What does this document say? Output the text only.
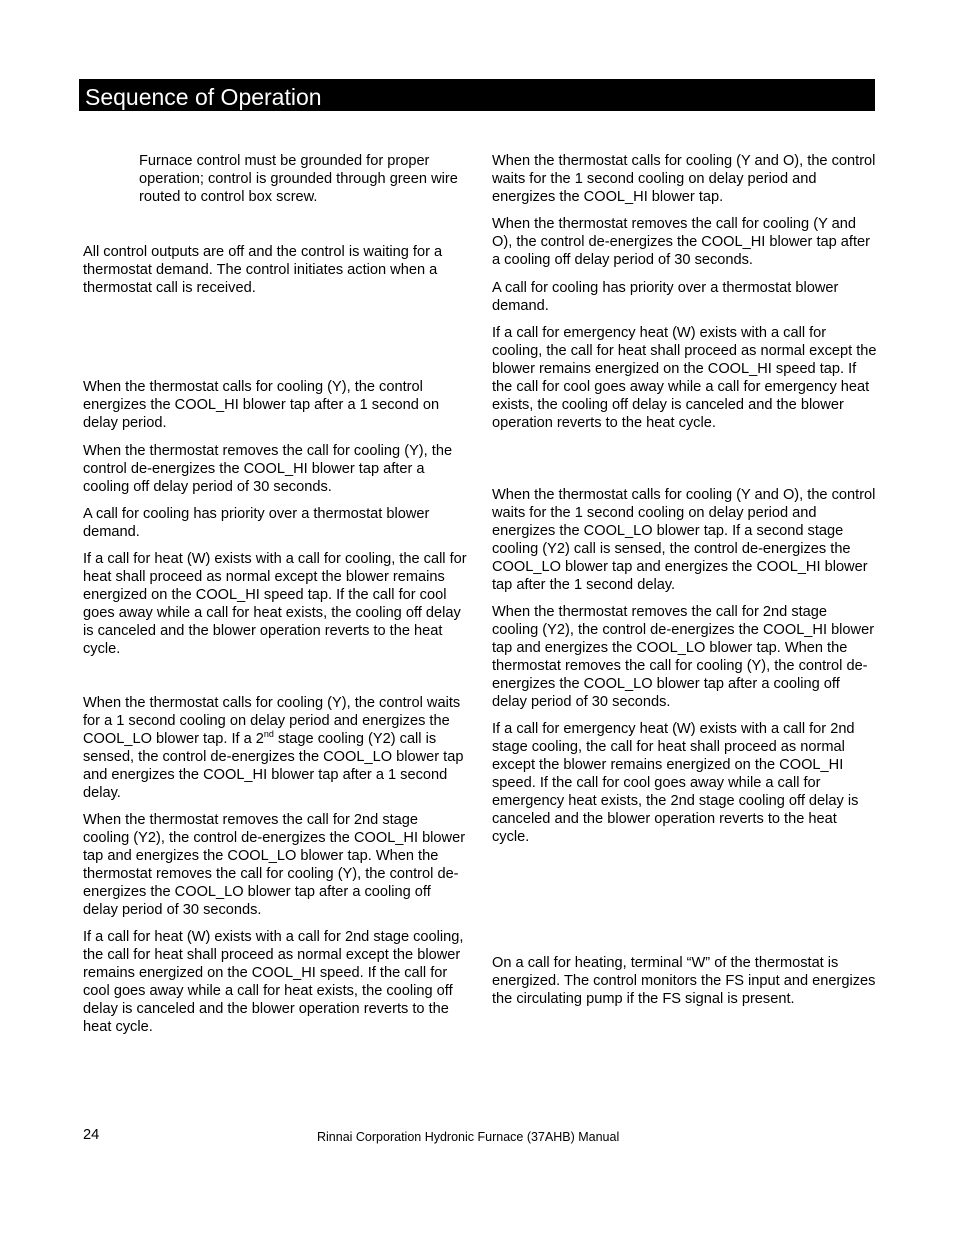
Sequence of Operation

Furnace control must be grounded for proper operation; control is grounded through green wire routed to control box screw.

All control outputs are off and the control is waiting for a thermostat demand. The control initiates action when a thermostat call is received.

When the thermostat calls for cooling (Y), the control energizes the COOL_HI blower tap after a 1 second on delay period.

When the thermostat removes the call for cooling (Y), the control de-energizes the COOL_HI blower tap after a cooling off delay period of 30 seconds.

A call for cooling has priority over a thermostat blower demand.

If a call for heat (W) exists with a call for cooling, the call for heat shall proceed as normal except the blower remains energized on the COOL_HI speed tap. If the call for cool goes away while a call for heat exists, the cooling off delay is canceled and the blower operation reverts to the heat cycle.

When the thermostat calls for cooling (Y), the control waits for a 1 second cooling on delay period and energizes the COOL_LO blower tap. If a 2nd stage cooling (Y2) call is sensed, the control de-energizes the COOL_LO blower tap and energizes the COOL_HI blower tap after a 1 second delay.

When the thermostat removes the call for 2nd stage cooling (Y2), the control de-energizes the COOL_HI blower tap and energizes the COOL_LO blower tap. When the thermostat removes the call for cooling (Y), the control de-energizes the COOL_LO blower tap after a cooling off delay period of 30 seconds.

If a call for heat (W) exists with a call for 2nd stage cooling, the call for heat shall proceed as normal except the blower remains energized on the COOL_HI speed. If the call for cool goes away while a call for heat exists, the cooling off delay is canceled and the blower operation reverts to the heat cycle.

When the thermostat calls for cooling (Y and O), the control waits for the 1 second cooling on delay period and energizes the COOL_HI blower tap.

When the thermostat removes the call for cooling (Y and O), the control de-energizes the COOL_HI blower tap after a cooling off delay period of 30 seconds.

A call for cooling has priority over a thermostat blower demand.

If a call for emergency heat (W) exists with a call for cooling, the call for heat shall proceed as normal except the blower remains energized on the COOL_HI speed tap. If the call for cool goes away while a call for emergency heat exists, the cooling off delay is canceled and the blower operation reverts to the heat cycle.

When the thermostat calls for cooling (Y and O), the control waits for the 1 second cooling on delay period and energizes the COOL_LO blower tap. If a second stage cooling (Y2) call is sensed, the control de-energizes the COOL_LO blower tap and energizes the COOL_HI blower tap after the 1 second delay.

When the thermostat removes the call for 2nd stage cooling (Y2), the control de-energizes the COOL_HI blower tap and energizes the COOL_LO blower tap. When the thermostat removes the call for cooling (Y), the control de-energizes the COOL_LO blower tap after a cooling off delay period of 30 seconds.

If a call for emergency heat (W) exists with a call for 2nd stage cooling, the call for heat shall proceed as normal except the blower remains energized on the COOL_HI speed. If the call for cool goes away while a call for emergency heat exists, the 2nd stage cooling off delay is canceled and the blower operation reverts to the heat cycle.

On a call for heating, terminal “W” of the thermostat is energized. The control monitors the FS input and energizes the circulating pump if the FS signal is present.

24	Rinnai Corporation Hydronic Furnace (37AHB) Manual
